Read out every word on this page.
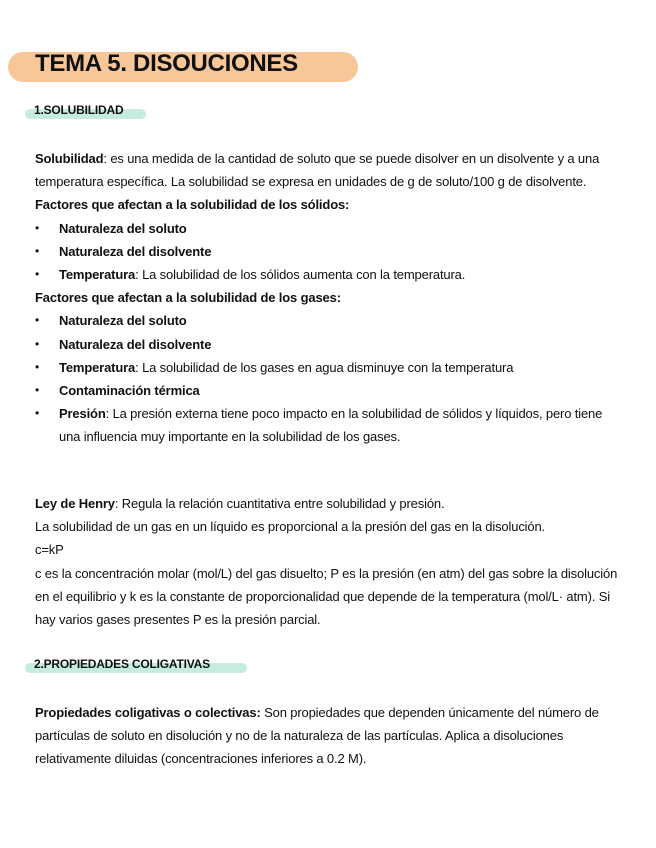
TEMA 5. DISOUCIONES
1.SOLUBILIDAD

Solubilidad: es una medida de la cantidad de soluto que se puede disolver en un disolvente y a una temperatura específica. La solubilidad se expresa en unidades de g de soluto/100 g de disolvente.

Factores que afectan a la solubilidad de los sólidos:

• Naturaleza del soluto
• Naturaleza del disolvente
• Temperatura: La solubilidad de los sólidos aumenta con la temperatura.

Factores que afectan a la solubilidad de los gases:

• Naturaleza del soluto
• Naturaleza del disolvente
• Temperatura: La solubilidad de los gases en agua disminuye con la temperatura
• Contaminación térmica
• Presión: La presión externa tiene poco impacto en la solubilidad de sólidos y líquidos, pero tiene una influencia muy importante en la solubilidad de los gases.

Ley de Henry: Regula la relación cuantitativa entre solubilidad y presión.

La solubilidad de un gas en un líquido es proporcional a la presión del gas en la disolución.

c=kP

c es la concentración molar (mol/L) del gas disuelto; P es la presión (en atm) del gas sobre la disolución en el equilibrio y k es la constante de proporcionalidad que depende de la temperatura (mol/L· atm). Si hay varios gases presentes P es la presión parcial.

2.PROPIEDADES COLIGATIVAS

Propiedades coligativas o colectivas: Son propiedades que dependen únicamente del número de partículas de soluto en disolución y no de la naturaleza de las partículas. Aplica a disoluciones relativamente diluidas (concentraciones inferiores a 0.2 M).
